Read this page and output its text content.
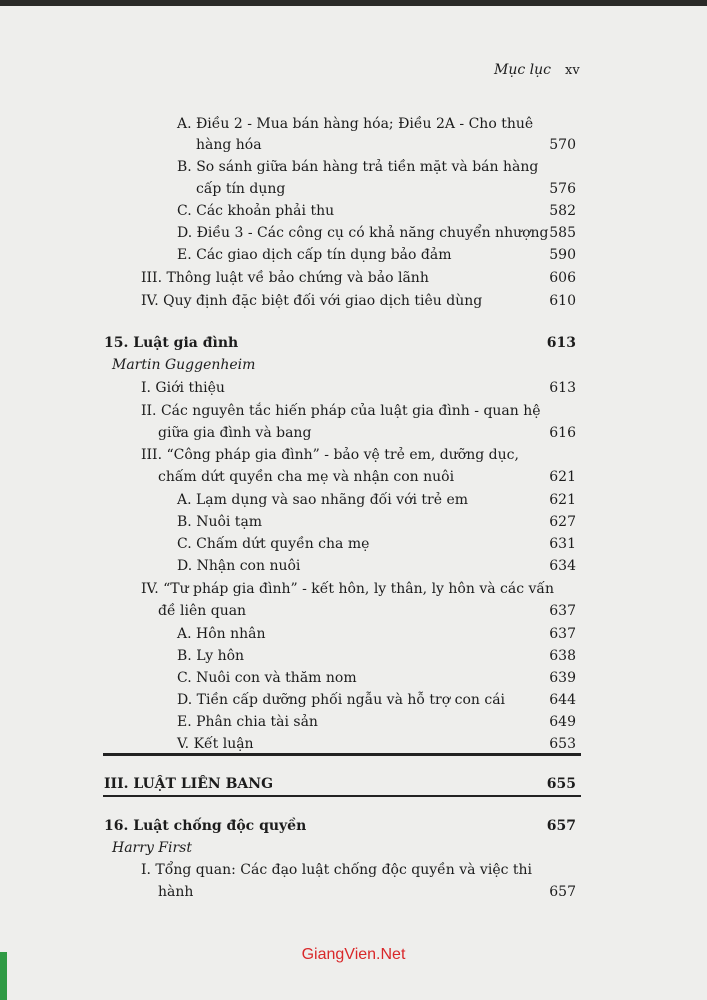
Mục lục xv
A. Điều 2 - Mua bán hàng hóa; Điều 2A - Cho thuê
hàng hóa	570
B. So sánh giữa bán hàng trả tiền mặt và bán hàng
cấp tín dụng	576
C. Các khoản phải thu	582
D. Điều 3 - Các công cụ có khả năng chuyển nhượng 585
E. Các giao dịch cấp tín dụng bảo đảm	590
III. Thông luật về bảo chứng và bảo lãnh	606
IV. Quy định đặc biệt đối với giao dịch tiêu dùng	610
15. Luật gia đình	613
Martin Guggenheim
I. Giới thiệu	613
II. Các nguyên tắc hiến pháp của luật gia đình - quan hệ
giữa gia đình và bang	616
III. “Công pháp gia đình” - bảo vệ trẻ em, dưỡng dục,
chấm dứt quyền cha mẹ và nhận con nuôi	621
A. Lạm dụng và sao nhãng đối với trẻ em	621
B. Nuôi tạm	627
C. Chấm dứt quyền cha mẹ	631
D. Nhận con nuôi	634
IV. “Tư pháp gia đình” - kết hôn, ly thân, ly hôn và các vấn
đề liên quan	637
A. Hôn nhân	637
B. Ly hôn	638
C. Nuôi con và thăm nom	639
D. Tiền cấp dưỡng phối ngẫu và hỗ trợ con cái	644
E. Phân chia tài sản	649
V. Kết luận	653
III. LUẬT LIÊN BANG	655
16. Luật chống độc quyền	657
Harry First
I. Tổng quan: Các đạo luật chống độc quyền và việc thi
hành	657
GiangVien.Net
